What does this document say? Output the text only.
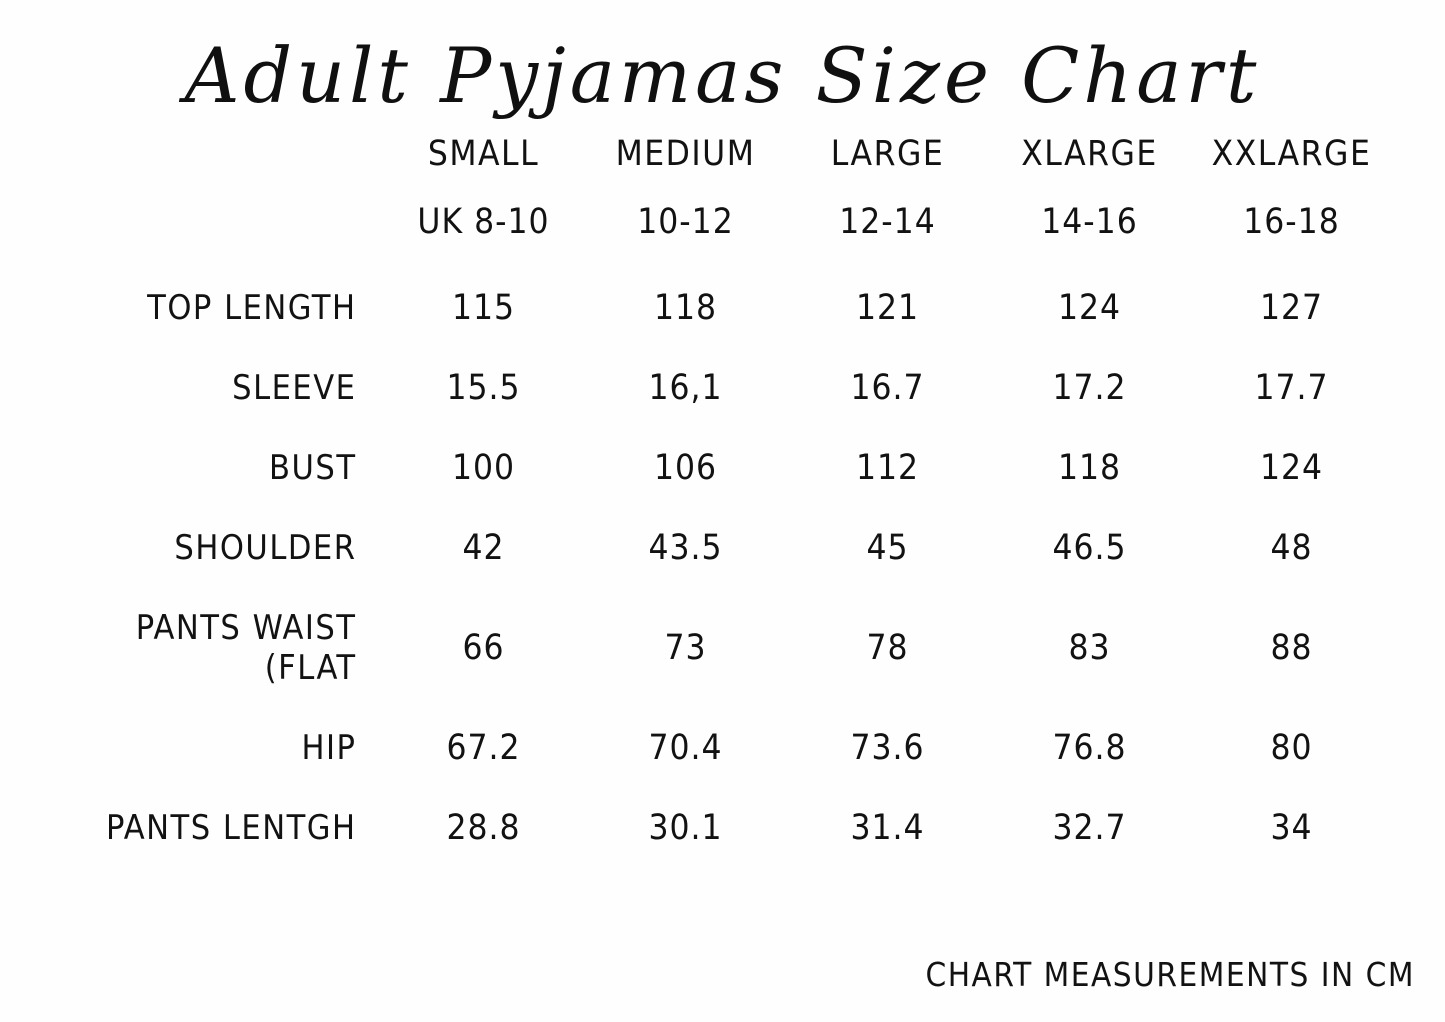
Adult Pyjamas Size Chart
	SMALL	MEDIUM	LARGE	XLARGE	XXLARGE
	UK 8-10	10-12	12-14	14-16	16-18
TOP LENGTH	115	118	121	124	127
SLEEVE	15.5	16,1	16.7	17.2	17.7
BUST	100	106	112	118	124
SHOULDER	42	43.5	45	46.5	48
PANTS WAIST (FLAT	66	73	78	83	88
HIP	67.2	70.4	73.6	76.8	80
PANTS LENTGH	28.8	30.1	31.4	32.7	34
CHART MEASUREMENTS IN CM
